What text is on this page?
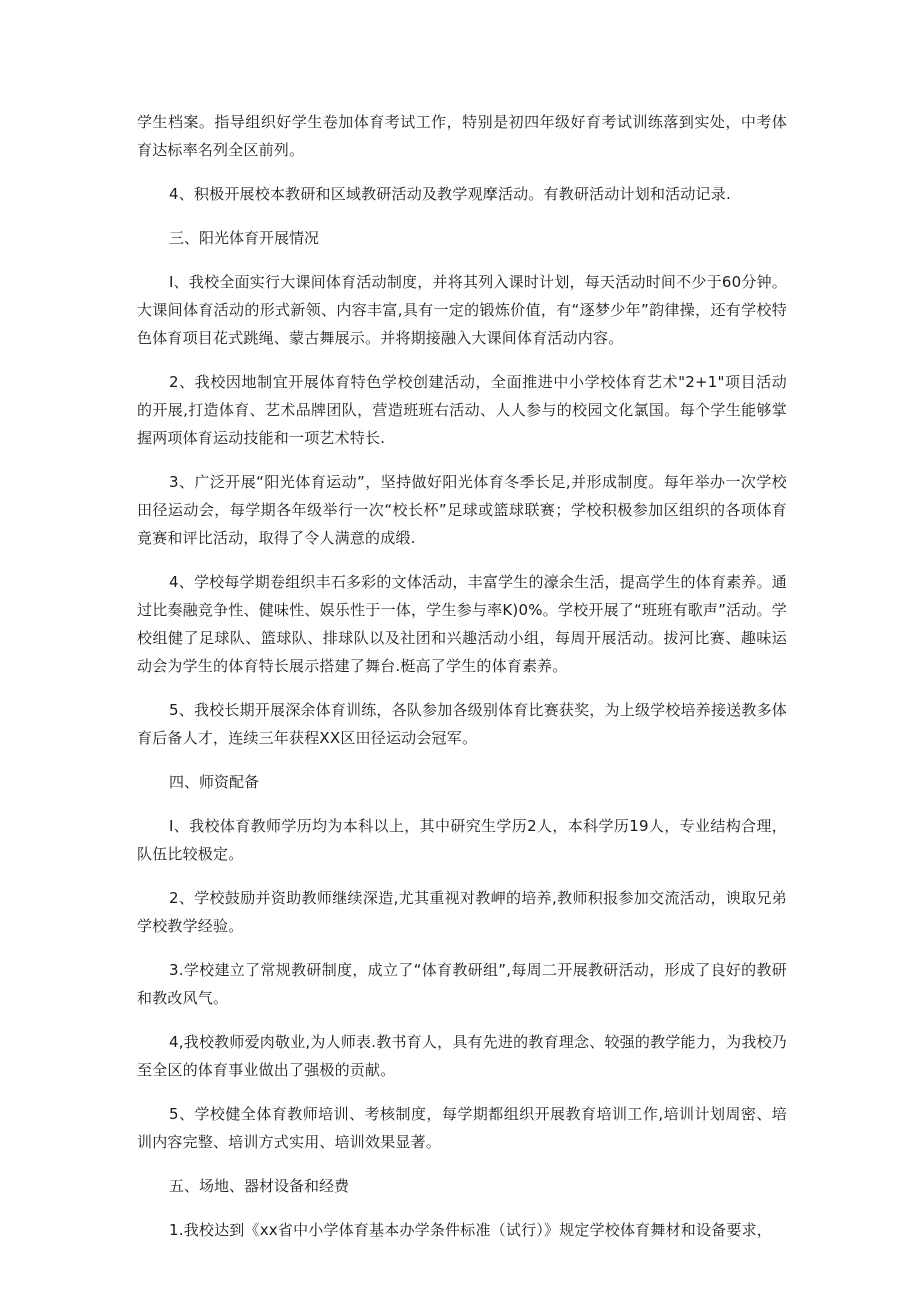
学生档案。指导组织好学生卷加体育考试工作，特别是初四年级好育考试训练落到实处，中考体育达标率名列全区前列。

4、积极开展校本教研和区域教研活动及教学观摩活动。有教研活动计划和活动记录.

三、阳光体育开展情况

I、我校全面实行大课间体育活动制度，并将其列入课时计划，每天活动时间不少于60分钟。大课间体育活动的形式新领、内容丰富,具有一定的锻炼价值，有“逐梦少年”韵律操，还有学校特色体育项目花式跳绳、蒙古舞展示。并将期接融入大课间体育活动内容。

2、我校因地制宜开展体育特色学校创建活动，全面推进中小学校体育艺术"2+1"项目活动的开展,打造体育、艺术品牌团队，营造班班右活动、人人参与的校园文化氯国。每个学生能够掌握两项体育运动技能和一项艺术特长.

3、广泛开展“阳光体育运动”，坚持做好阳光体育冬季长足,并形成制度。每年举办一次学校田径运动会，每学期各年级举行一次“校长杯”足球或篮球联赛；学校积极参加区组织的各项体育竟赛和评比活动，取得了令人满意的成缎.

4、学校每学期卷组织丰石多彩的文体活动，丰富学生的濠余生活，提高学生的体育素养。通过比奏融竞争性、健味性、娱乐性于一体，学生参与率K)0%。学校开展了“班班有歌声”活动。学校组健了足球队、篮球队、排球队以及社团和兴趣活动小组，每周开展活动。拔河比赛、趣味运动会为学生的体育特长展示搭建了舞台.梃高了学生的体育素养。

5、我校长期开展深余体育训练，各队参加各级别体育比赛获奖，为上级学校培养接送教多体育后备人才，连续三年获程XX区田径运动会冠军。

四、师资配备

I、我校体育教师学历均为本科以上，其中研究生学历2人，本科学历19人，专业结构合理，队伍比较极定。

2、学校鼓励并资助教师继续深造,尤其重视对教岬的培养,教师积报参加交流活动，谀取兄弟学校教学经验。

3.学校建立了常规教研制度，成立了“体育教研组”,每周二开展教研活动，形成了良好的教研和教改风气。

4,我校教师爱肉敬业,为人师表.教书育人，具有先进的教育理念、较强的教学能力，为我校乃至全区的体育事业做出了强极的贡献。

5、学校健全体育教师培训、考核制度，每学期都组织开展教育培训工作,培训计划周密、培训内容完整、培训方式实用、培训效果显著。

五、场地、器材设备和经费

1.我校达到《xx省中小学体育基本办学条件标准（试行）》规定学校体育舞材和设备要求，
